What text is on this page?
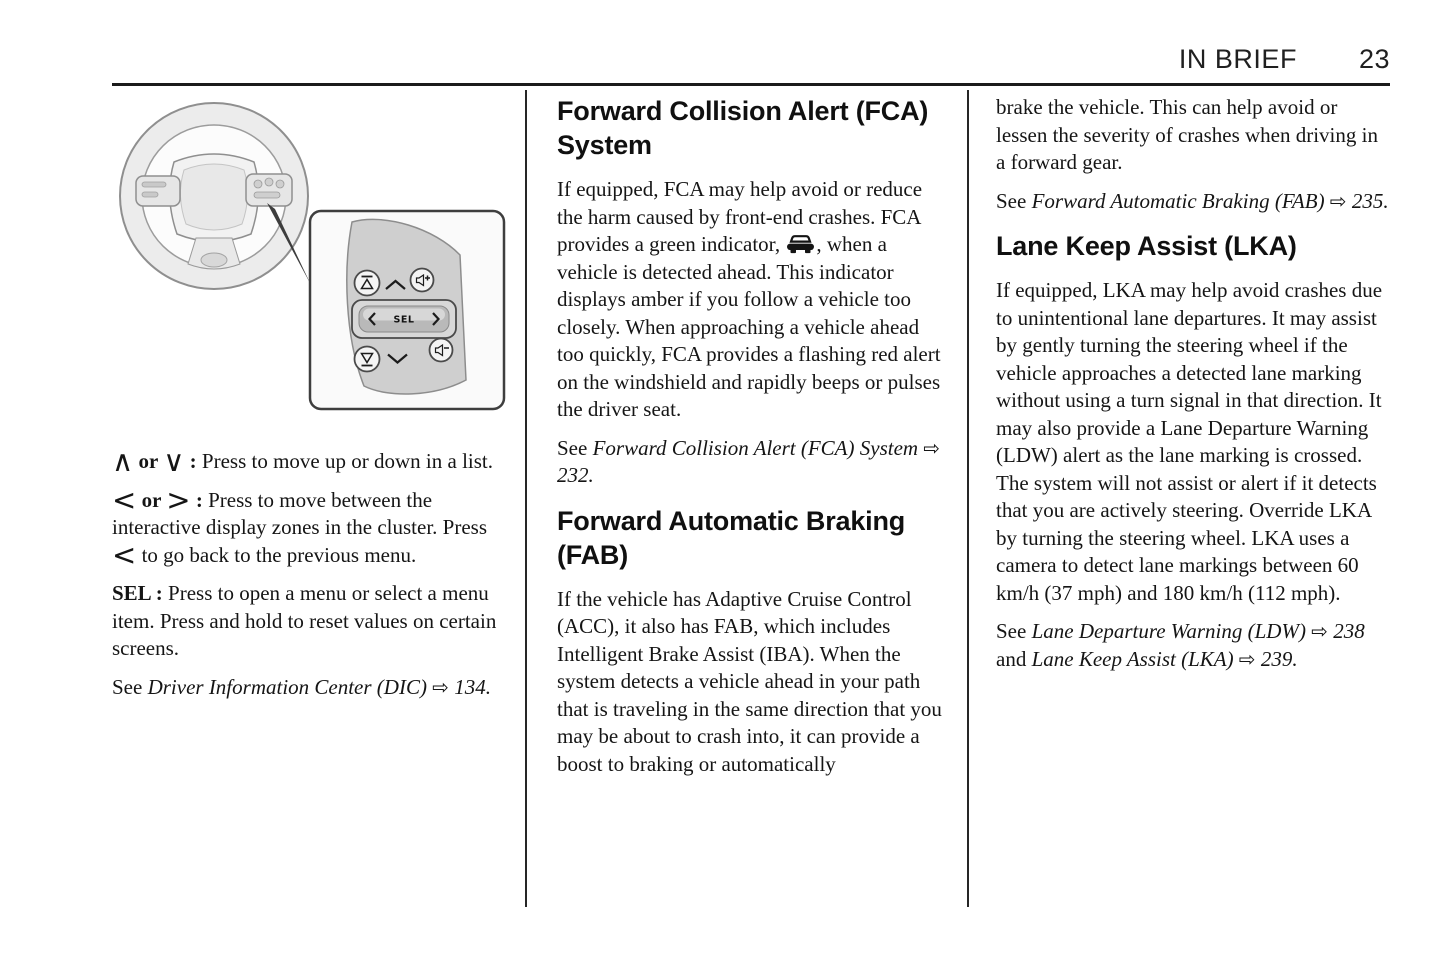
IN BRIEF 23
SEL

∧ or ∨ : Press to move up or down in a list.

< or > : Press to move between the interactive display zones in the cluster. Press < to go back to the previous menu.

SEL : Press to open a menu or select a menu item. Press and hold to reset values on certain screens.

See Driver Information Center (DIC) ⇨ 134.

Forward Collision Alert (FCA) System

If equipped, FCA may help avoid or reduce the harm caused by front-end crashes. FCA provides a green indicator, , when a vehicle is detected ahead. This indicator displays amber if you follow a vehicle too closely. When approaching a vehicle ahead too quickly, FCA provides a flashing red alert on the windshield and rapidly beeps or pulses the driver seat.

See Forward Collision Alert (FCA) System ⇨ 232.

Forward Automatic Braking (FAB)

If the vehicle has Adaptive Cruise Control (ACC), it also has FAB, which includes Intelligent Brake Assist (IBA). When the system detects a vehicle ahead in your path that is traveling in the same direction that you may be about to crash into, it can provide a boost to braking or automatically

brake the vehicle. This can help avoid or lessen the severity of crashes when driving in a forward gear.

See Forward Automatic Braking (FAB) ⇨ 235.

Lane Keep Assist (LKA)

If equipped, LKA may help avoid crashes due to unintentional lane departures. It may assist by gently turning the steering wheel if the vehicle approaches a detected lane marking without using a turn signal in that direction. It may also provide a Lane Departure Warning (LDW) alert as the lane marking is crossed. The system will not assist or alert if it detects that you are actively steering. Override LKA by turning the steering wheel. LKA uses a camera to detect lane markings between 60 km/h (37 mph) and 180 km/h (112 mph).

See Lane Departure Warning (LDW) ⇨ 238 and Lane Keep Assist (LKA) ⇨ 239.
